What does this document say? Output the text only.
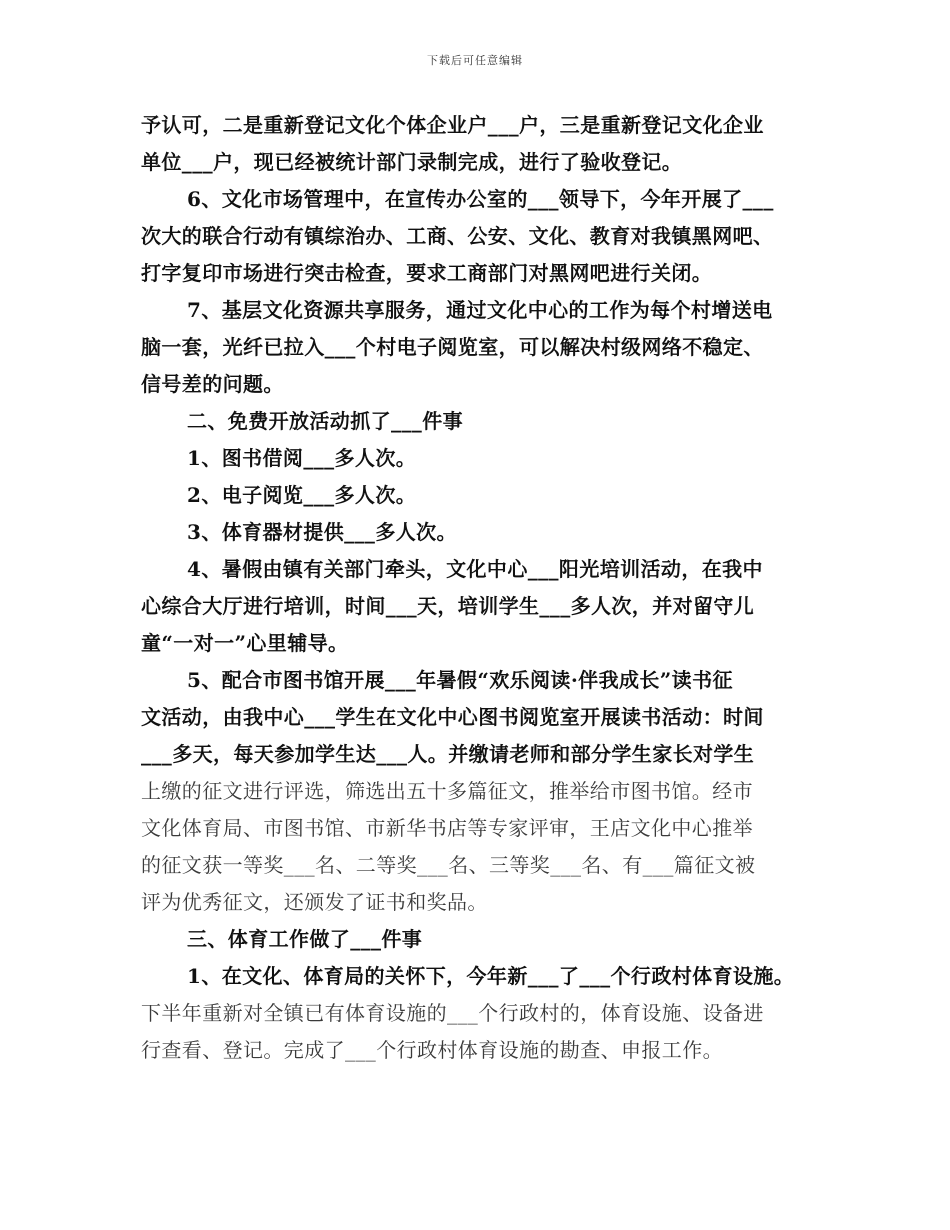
下载后可任意编辑
予认可，二是重新登记文化个体企业户___户，三是重新登记文化企业
单位___户，现已经被统计部门录制完成，进行了验收登记。
6、文化市场管理中，在宣传办公室的___领导下，今年开展了___
次大的联合行动有镇综治办、工商、公安、文化、教育对我镇黑网吧、
打字复印市场进行突击检查，要求工商部门对黑网吧进行关闭。
7、基层文化资源共享服务，通过文化中心的工作为每个村增送电
脑一套，光纤已拉入___个村电子阅览室，可以解决村级网络不稳定、
信号差的问题。
二、免费开放活动抓了___件事
1、图书借阅___多人次。
2、电子阅览___多人次。
3、体育器材提供___多人次。
4、暑假由镇有关部门牵头，文化中心___阳光培训活动，在我中
心综合大厅进行培训，时间___天，培训学生___多人次，并对留守儿
童“一对一”心里辅导。
5、配合市图书馆开展___年暑假“欢乐阅读·伴我成长”读书征
文活动，由我中心___学生在文化中心图书阅览室开展读书活动：时间
___多天，每天参加学生达___人。并缴请老师和部分学生家长对学生
上缴的征文进行评选，筛选出五十多篇征文，推举给市图书馆。经市
文化体育局、市图书馆、市新华书店等专家评审，王店文化中心推举
的征文获一等奖___名、二等奖___名、三等奖___名、有___篇征文被
评为优秀征文，还颁发了证书和奖品。
三、体育工作做了___件事
1、在文化、体育局的关怀下，今年新___了___个行政村体育设施。
下半年重新对全镇已有体育设施的___个行政村的，体育设施、设备进
行查看、登记。完成了___个行政村体育设施的勘查、申报工作。
